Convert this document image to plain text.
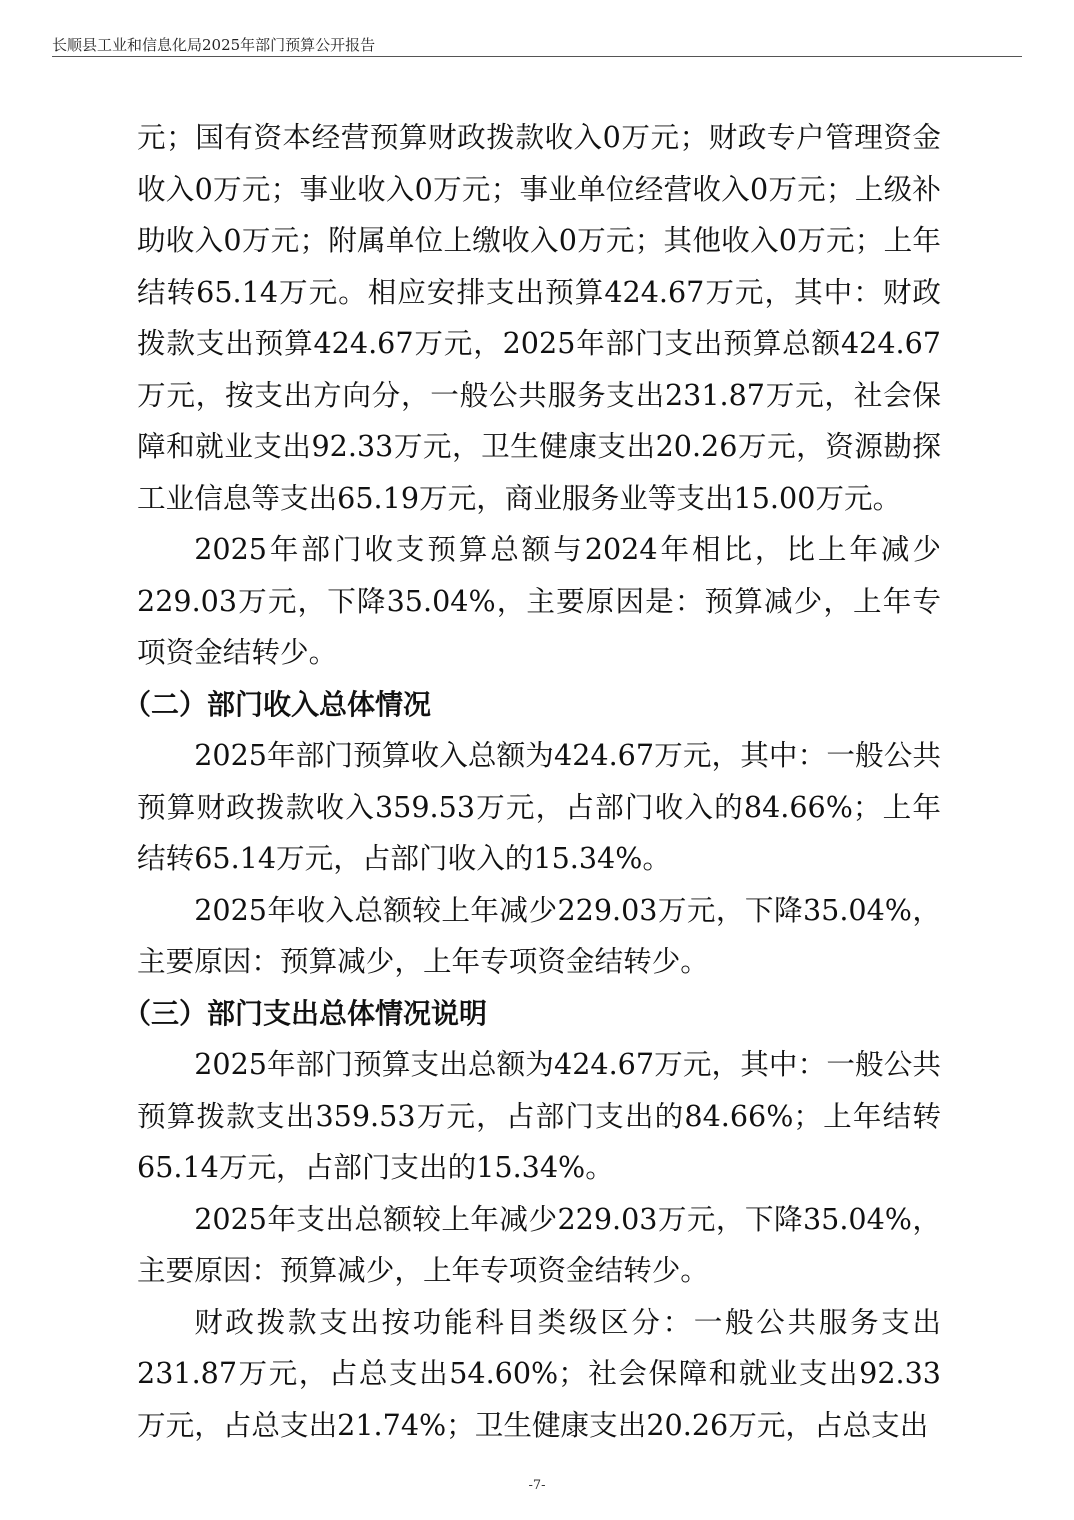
长顺县工业和信息化局2025年部门预算公开报告

元；国有资本经营预算财政拨款收入0万元；财政专户管理资金收入0万元；事业收入0万元；事业单位经营收入0万元；上级补助收入0万元；附属单位上缴收入0万元；其他收入0万元；上年结转65.14万元。相应安排支出预算424.67万元，其中：财政拨款支出预算424.67万元，2025年部门支出预算总额424.67万元，按支出方向分，一般公共服务支出231.87万元，社会保障和就业支出92.33万元，卫生健康支出20.26万元，资源勘探工业信息等支出65.19万元，商业服务业等支出15.00万元。

2025年部门收支预算总额与2024年相比，比上年减少229.03万元，下降35.04%，主要原因是：预算减少，上年专项资金结转少。

（二）部门收入总体情况

2025年部门预算收入总额为424.67万元，其中：一般公共预算财政拨款收入359.53万元，占部门收入的84.66%；上年结转65.14万元，占部门收入的15.34%。

2025年收入总额较上年减少229.03万元，下降35.04%，主要原因：预算减少，上年专项资金结转少。

（三）部门支出总体情况说明

2025年部门预算支出总额为424.67万元，其中：一般公共预算拨款支出359.53万元，占部门支出的84.66%；上年结转65.14万元，占部门支出的15.34%。

2025年支出总额较上年减少229.03万元，下降35.04%，主要原因：预算减少，上年专项资金结转少。

财政拨款支出按功能科目类级区分：一般公共服务支出231.87万元，占总支出54.60%；社会保障和就业支出92.33万元，占总支出21.74%；卫生健康支出20.26万元，占总支出

-7-
